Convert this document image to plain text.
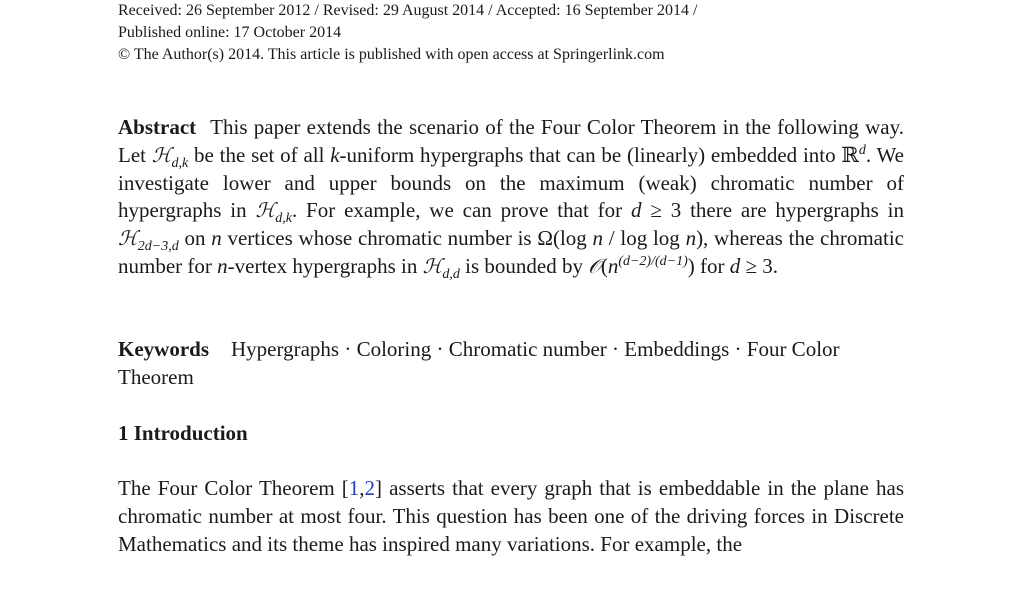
Received: 26 September 2012 / Revised: 29 August 2014 / Accepted: 16 September 2014 /
Published online: 17 October 2014
© The Author(s) 2014. This article is published with open access at Springerlink.com
Abstract This paper extends the scenario of the Four Color Theorem in the following way. Let ℋ$_{d,k}$ be the set of all k-uniform hypergraphs that can be (linearly) embedded into ℝ$^d$. We investigate lower and upper bounds on the maximum (weak) chromatic number of hypergraphs in ℋ$_{d,k}$. For example, we can prove that for d ≥ 3 there are hypergraphs in ℋ$_{2d-3,d}$ on n vertices whose chromatic number is Ω(log n / log log n), whereas the chromatic number for n-vertex hypergraphs in ℋ$_{d,d}$ is bounded by $𝒪(n^{(d-2)/(d-1)})$ for d ≥ 3.
Keywords Hypergraphs · Coloring · Chromatic number · Embeddings · Four Color Theorem
1 Introduction
The Four Color Theorem [1,2] asserts that every graph that is embeddable in the plane has chromatic number at most four. This question has been one of the driving forces in Discrete Mathematics and its theme has inspired many variations. For example, the
